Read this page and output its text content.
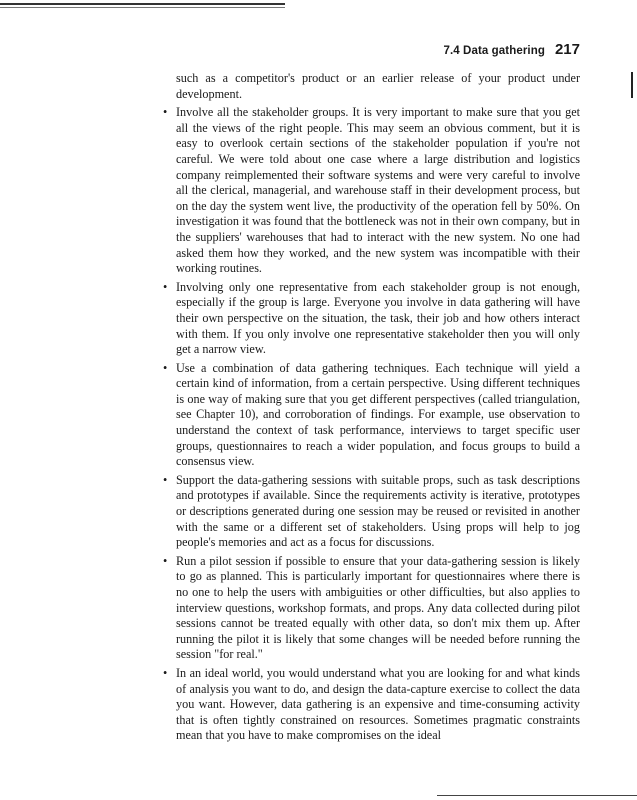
7.4 Data gathering 217

such as a competitor's product or an earlier release of your product under development.

• Involve all the stakeholder groups. It is very important to make sure that you get all the views of the right people. This may seem an obvious comment, but it is easy to overlook certain sections of the stakeholder population if you're not careful. We were told about one case where a large distribution and logistics company reimplemented their software systems and were very careful to involve all the clerical, managerial, and warehouse staff in their development process, but on the day the system went live, the productivity of the operation fell by 50%. On investigation it was found that the bottleneck was not in their own company, but in the suppliers' warehouses that had to interact with the new system. No one had asked them how they worked, and the new system was incompatible with their working routines.
• Involving only one representative from each stakeholder group is not enough, especially if the group is large. Everyone you involve in data gathering will have their own perspective on the situation, the task, their job and how others interact with them. If you only involve one representative stakeholder then you will only get a narrow view.
• Use a combination of data gathering techniques. Each technique will yield a certain kind of information, from a certain perspective. Using different techniques is one way of making sure that you get different perspectives (called triangulation, see Chapter 10), and corroboration of findings. For example, use observation to understand the context of task performance, interviews to target specific user groups, questionnaires to reach a wider population, and focus groups to build a consensus view.
• Support the data-gathering sessions with suitable props, such as task descriptions and prototypes if available. Since the requirements activity is iterative, prototypes or descriptions generated during one session may be reused or revisited in another with the same or a different set of stakeholders. Using props will help to jog people's memories and act as a focus for discussions.
• Run a pilot session if possible to ensure that your data-gathering session is likely to go as planned. This is particularly important for questionnaires where there is no one to help the users with ambiguities or other difficulties, but also applies to interview questions, workshop formats, and props. Any data collected during pilot sessions cannot be treated equally with other data, so don't mix them up. After running the pilot it is likely that some changes will be needed before running the session "for real."
• In an ideal world, you would understand what you are looking for and what kinds of analysis you want to do, and design the data-capture exercise to collect the data you want. However, data gathering is an expensive and time-consuming activity that is often tightly constrained on resources. Sometimes pragmatic constraints mean that you have to make compromises on the ideal
